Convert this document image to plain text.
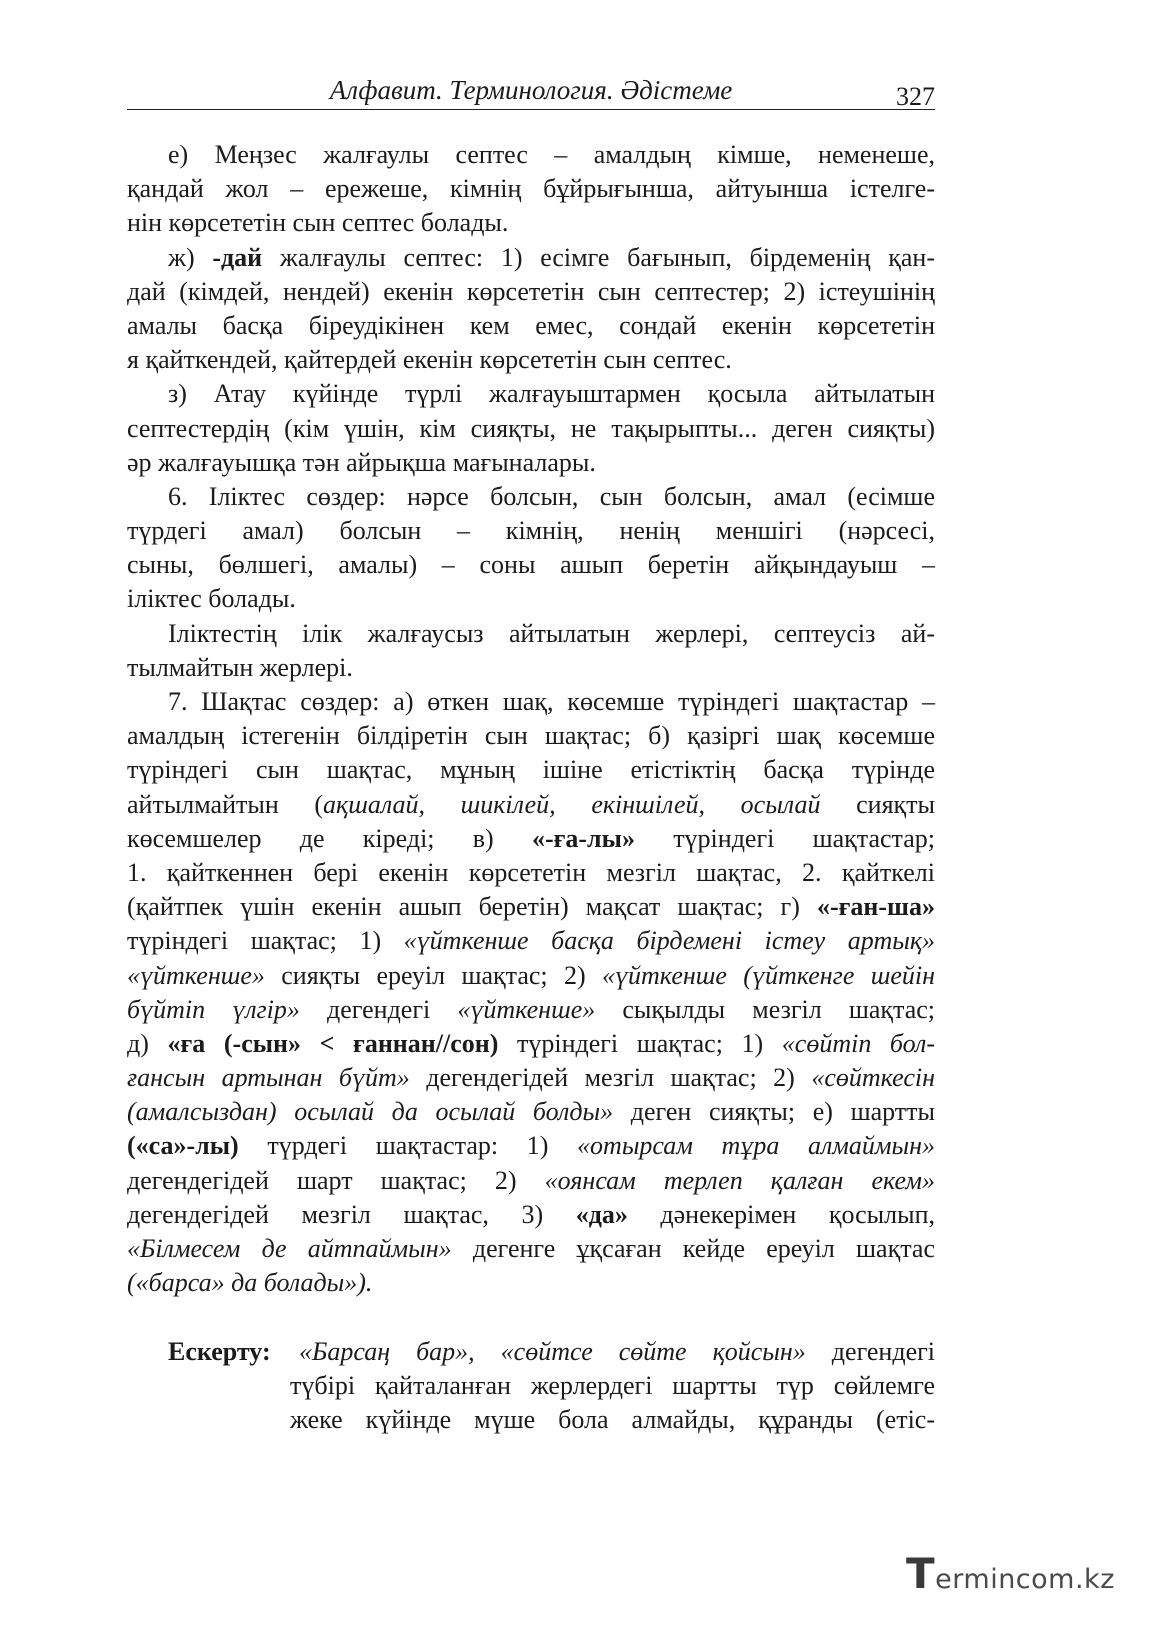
Алфавит. Терминология. Әдістеме	327
е) Меңзес жалғаулы септес – амалдың кімше, неменеше,
қандай жол – ережеше, кімнің бұйрығынша, айтуынша істелге-
нін көрсететін сын септес болады.
ж) -дай жалғаулы септес: 1) есімге бағынып, бірдеменің қан-
дай (кімдей, нендей) екенін көрсететін сын септестер; 2) істеушінің
амалы басқа біреудікінен кем емес, сондай екенін көрсететін
я қайткендей, қайтердей екенін көрсететін сын септес.
з) Атау күйінде түрлі жалғауыштармен қосыла айтылатын
септестердің (кім үшін, кім сияқты, не тақырыпты... деген сияқты)
әр жалғауышқа тән айрықша мағыналары.
6. Іліктес сөздер: нәрсе болсын, сын болсын, амал (есімше
түрдегі амал) болсын – кімнің, ненің меншігі (нәрсесі,
сыны, бөлшегі, амалы) – соны ашып беретін айқындауыш –
іліктес болады.
Іліктестің ілік жалғаусыз айтылатын жерлері, септеусіз ай-
тылмайтын жерлері.
7. Шақтас сөздер: а) өткен шақ, көсемше түріндегі шақтастар –
амалдың істегенін білдіретін сын шақтас; б) қазіргі шақ көсемше
түріндегі сын шақтас, мұның ішіне етістіктің басқа түрінде
айтылмайтын (ақшалай, шикілей, екіншілей, осылай сияқты
көсемшелер де кіреді; в) «-ға-лы» түріндегі шақтастар;
1. қайткеннен бері екенін көрсететін мезгіл шақтас, 2. қайткелі
(қайтпек үшін екенін ашып беретін) мақсат шақтас; г) «-ған-ша»
түріндегі шақтас; 1) «үйткенше басқа бірдемені істеу артық»
«үйткенше» сияқты ереуіл шақтас; 2) «үйткенше (үйткенге шейін
бүйтіп үлгір» дегендегі «үйткенше» сықылды мезгіл шақтас;
д) «ға (-сын» < ғаннан//сон) түріндегі шақтас; 1) «сөйтіп бол-
ғансын артынан бүйт» дегендегідей мезгіл шақтас; 2) «сөйткесін
(амалсыздан) осылай да осылай болды» деген сияқты; е) шартты
(«са»-лы) түрдегі шақтастар: 1) «отырсам тұра алмаймын»
дегендегідей шарт шақтас; 2) «оянсам терлеп қалған екем»
дегендегідей мезгіл шақтас, 3) «да» дәнекерімен қосылып,
«Білмесем де айтпаймын» дегенге ұқсаған кейде ереуіл шақтас
(«барса» да болады»).
Ескерту:	«Барсаң бар», «сөйтсе сөйте қойсын» дегендегі
түбірі қайталанған жерлердегі шартты түр сөйлемге
жеке күйінде мүше бола алмайды, құранды (етіс-
Termincom.kz
